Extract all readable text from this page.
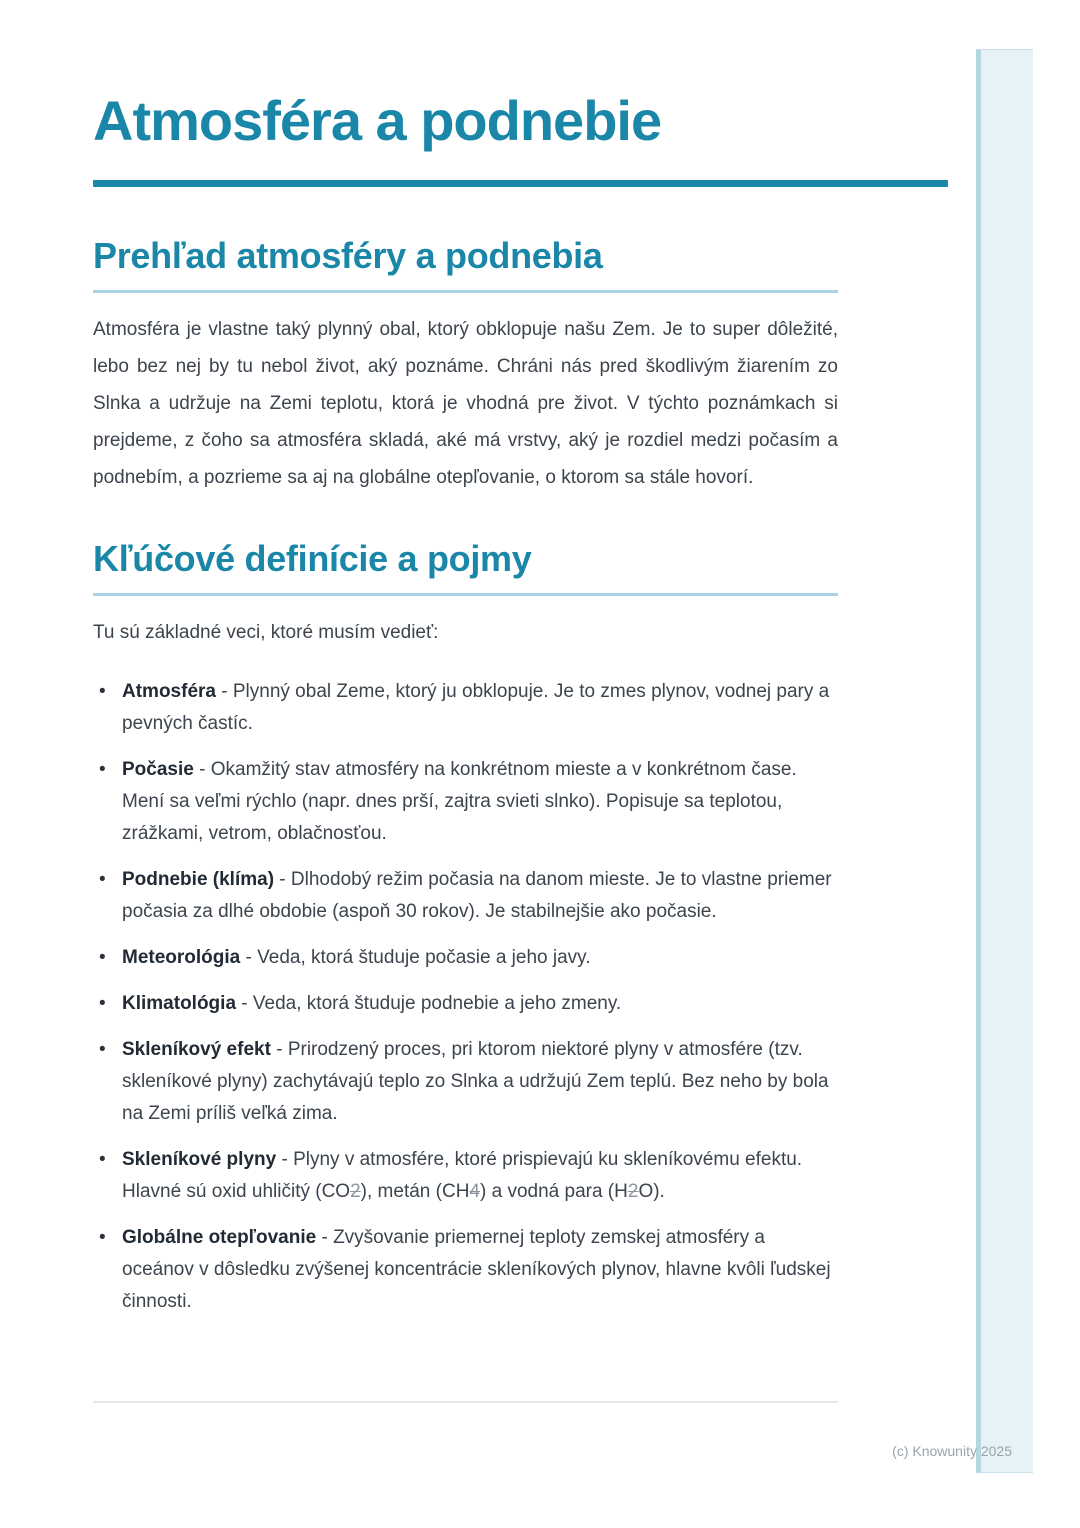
Atmosféra a podnebie
Prehľad atmosféry a podnebia

Atmosféra je vlastne taký plynný obal, ktorý obklopuje našu Zem. Je to super dôležité, lebo bez nej by tu nebol život, aký poznáme. Chráni nás pred škodlivým žiarením zo Slnka a udržuje na Zemi teplotu, ktorá je vhodná pre život. V týchto poznámkach si prejdeme, z čoho sa atmosféra skladá, aké má vrstvy, aký je rozdiel medzi počasím a podnebím, a pozrieme sa aj na globálne otepľovanie, o ktorom sa stále hovorí.

Kľúčové definície a pojmy

Tu sú základné veci, ktoré musím vedieť:

• Atmosféra - Plynný obal Zeme, ktorý ju obklopuje. Je to zmes plynov, vodnej pary a pevných častíc.
• Počasie - Okamžitý stav atmosféry na konkrétnom mieste a v konkrétnom čase. Mení sa veľmi rýchlo (napr. dnes prší, zajtra svieti slnko). Popisuje sa teplotou, zrážkami, vetrom, oblačnosťou.
• Podnebie (klíma) - Dlhodobý režim počasia na danom mieste. Je to vlastne priemer počasia za dlhé obdobie (aspoň 30 rokov). Je stabilnejšie ako počasie.
• Meteorológia - Veda, ktorá študuje počasie a jeho javy.
• Klimatológia - Veda, ktorá študuje podnebie a jeho zmeny.
• Skleníkový efekt - Prirodzený proces, pri ktorom niektoré plyny v atmosfére (tzv. skleníkové plyny) zachytávajú teplo zo Slnka a udržujú Zem teplú. Bez neho by bola na Zemi príliš veľká zima.
• Skleníkové plyny - Plyny v atmosfére, ktoré prispievajú ku skleníkovému efektu. Hlavné sú oxid uhličitý (CO2), metán (CH4) a vodná para (H2O).
• Globálne otepľovanie - Zvyšovanie priemernej teploty zemskej atmosféry a oceánov v dôsledku zvýšenej koncentrácie skleníkových plynov, hlavne kvôli ľudskej činnosti.
(c) Knowunity 2025
